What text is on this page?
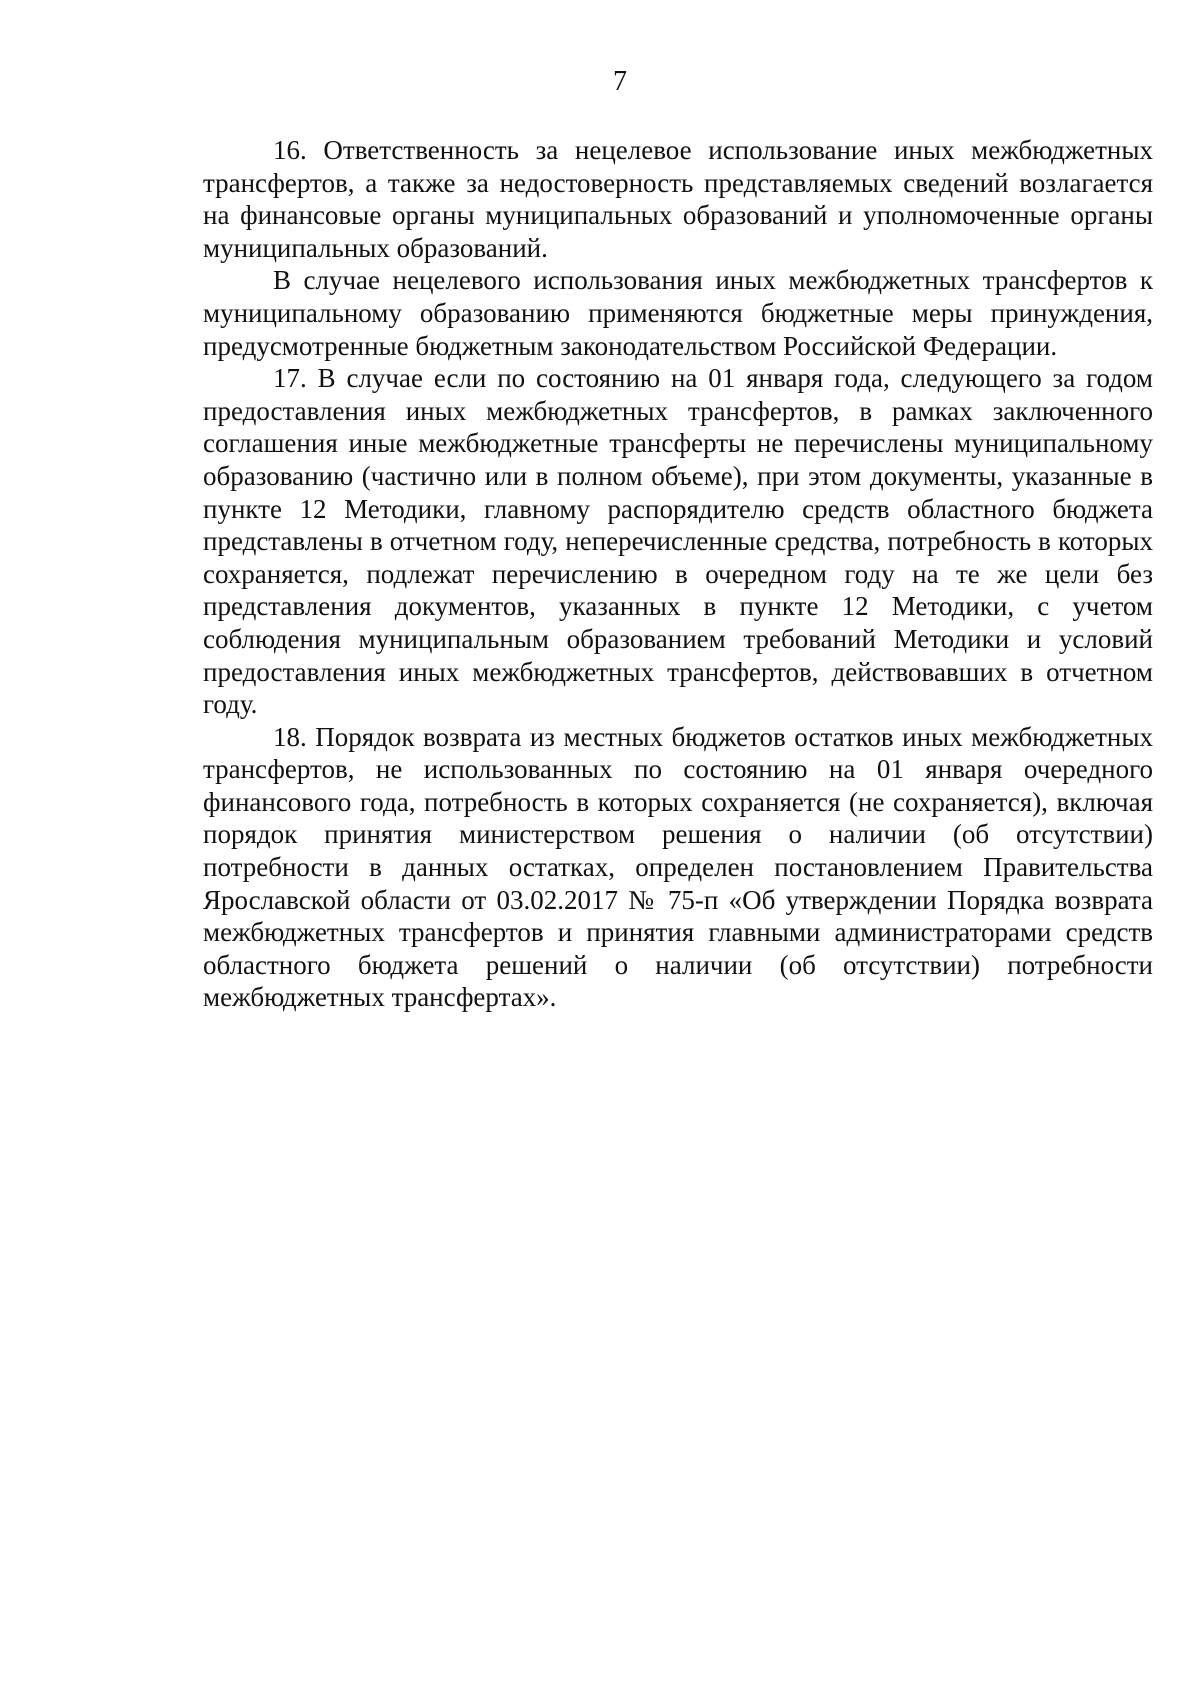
7

16. Ответственность за нецелевое использование иных межбюджетных трансфертов, а также за недостоверность представляемых сведений возлагается на финансовые органы муниципальных образований и уполномоченные органы муниципальных образований.

В случае нецелевого использования иных межбюджетных трансфертов к муниципальному образованию применяются бюджетные меры принуждения, предусмотренные бюджетным законодательством Российской Федерации.

17. В случае если по состоянию на 01 января года, следующего за годом предоставления иных межбюджетных трансфертов, в рамках заключенного соглашения иные межбюджетные трансферты не перечислены муниципальному образованию (частично или в полном объеме), при этом документы, указанные в пункте 12 Методики, главному распорядителю средств областного бюджета представлены в отчетном году, неперечисленные средства, потребность в которых сохраняется, подлежат перечислению в очередном году на те же цели без представления документов, указанных в пункте 12 Методики, с учетом соблюдения муниципальным образованием требований Методики и условий предоставления иных межбюджетных трансфертов, действовавших в отчетном году.

18. Порядок возврата из местных бюджетов остатков иных межбюджетных трансфертов, не использованных по состоянию на 01 января очередного финансового года, потребность в которых сохраняется (не сохраняется), включая порядок принятия министерством решения о наличии (об отсутствии) потребности в данных остатках, определен постановлением Правительства Ярославской области от 03.02.2017 № 75-п «Об утверждении Порядка возврата межбюджетных трансфертов и принятия главными администраторами средств областного бюджета решений о наличии (об отсутствии) потребности межбюджетных трансфертах».
